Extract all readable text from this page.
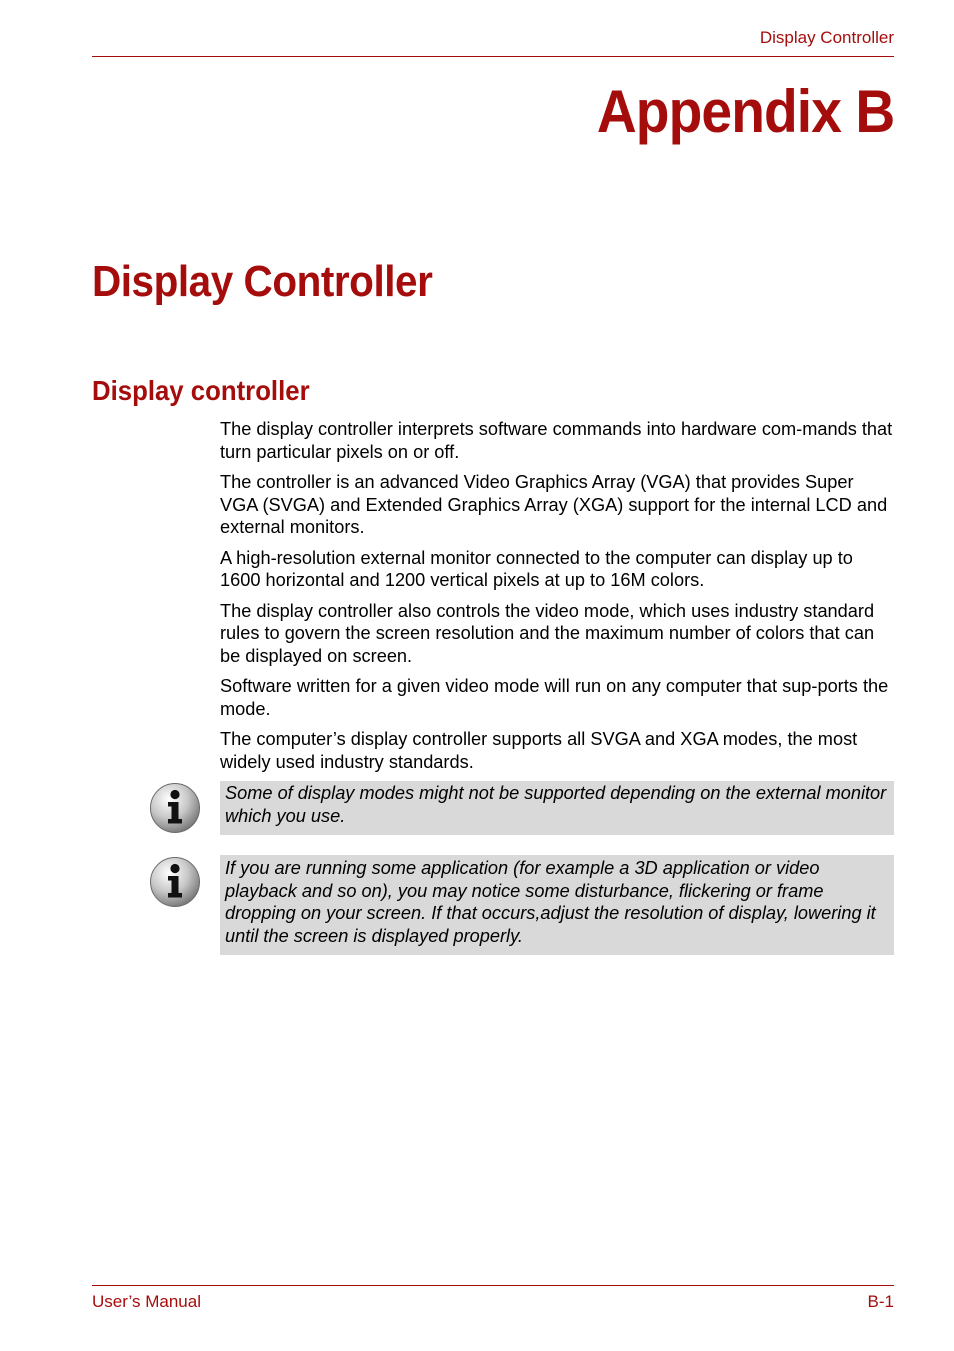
Display Controller
Appendix B
Display Controller
Display controller

The display controller interprets software commands into hardware com-mands that turn particular pixels on or off.

The controller is an advanced Video Graphics Array (VGA) that provides Super VGA (SVGA) and Extended Graphics Array (XGA) support for the internal LCD and external monitors.

A high-resolution external monitor connected to the computer can display up to 1600 horizontal and 1200 vertical pixels at up to 16M colors.

The display controller also controls the video mode, which uses industry standard rules to govern the screen resolution and the maximum number of colors that can be displayed on screen.

Software written for a given video mode will run on any computer that sup-ports the mode.

The computer’s display controller supports all SVGA and XGA modes, the most widely used industry standards.

Some of display modes might not be supported depending on the external monitor which you use.

If you are running some application (for example a 3D application or video playback and so on), you may notice some disturbance, flickering or frame dropping on your screen. If that occurs,adjust the resolution of display, lowering it until the screen is displayed properly.

User’s Manual	B-1
